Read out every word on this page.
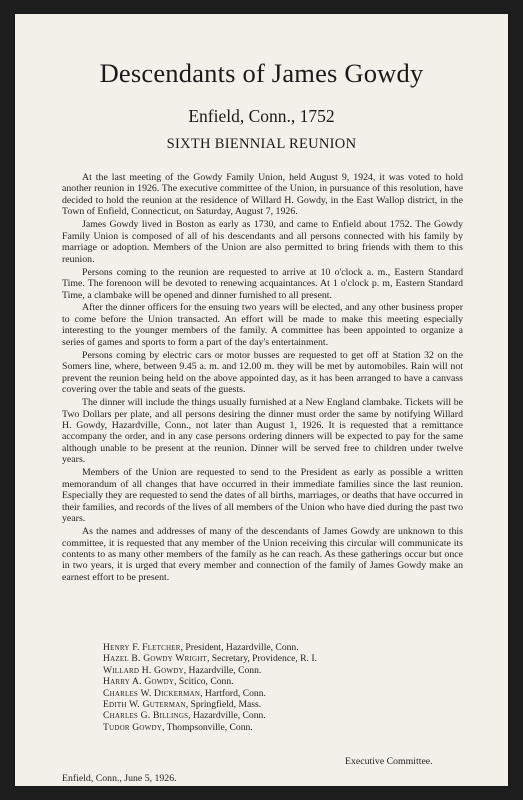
Descendants of James Gowdy
Enfield, Conn., 1752
SIXTH BIENNIAL REUNION

At the last meeting of the Gowdy Family Union, held August 9, 1924, it was voted to hold another reunion in 1926. The executive committee of the Union, in pursuance of this resolution, have decided to hold the reunion at the residence of Willard H. Gowdy, in the East Wallop district, in the Town of Enfield, Connecticut, on Saturday, August 7, 1926.

James Gowdy lived in Boston as early as 1730, and came to Enfield about 1752. The Gowdy Family Union is composed of all of his descendants and all persons connected with his family by marriage or adoption. Members of the Union are also permitted to bring friends with them to this reunion.

Persons coming to the reunion are requested to arrive at 10 o'clock a. m., Eastern Standard Time. The forenoon will be devoted to renewing acquaintances. At 1 o'clock p. m, Eastern Standard Time, a clambake will be opened and dinner furnished to all present.

After the dinner officers for the ensuing two years will be elected, and any other business proper to come before the Union transacted. An effort will be made to make this meeting especially interesting to the younger members of the family. A committee has been appointed to organize a series of games and sports to form a part of the day's entertainment.

Persons coming by electric cars or motor busses are requested to get off at Station 32 on the Somers line, where, between 9.45 a. m. and 12.00 m. they will be met by automobiles. Rain will not prevent the reunion being held on the above appointed day, as it has been arranged to have a canvass covering over the table and seats of the guests.

The dinner will include the things usually furnished at a New England clambake. Tickets will be Two Dollars per plate, and all persons desiring the dinner must order the same by notifying Willard H. Gowdy, Hazardville, Conn., not later than August 1, 1926. It is requested that a remittance accompany the order, and in any case persons ordering dinners will be expected to pay for the same although unable to be present at the reunion. Dinner will be served free to children under twelve years.

Members of the Union are requested to send to the President as early as possible a written memorandum of all changes that have occurred in their immediate families since the last reunion. Especially they are requested to send the dates of all births, marriages, or deaths that have occurred in their families, and records of the lives of all members of the Union who have died during the past two years.

As the names and addresses of many of the descendants of James Gowdy are unknown to this committee, it is requested that any member of the Union receiving this circular will communicate its contents to as many other members of the family as he can reach. As these gatherings occur but once in two years, it is urged that every member and connection of the family of James Gowdy make an earnest effort to be present.

Henry F. Fletcher, President, Hazardville, Conn.
Hazel B. Gowdy Wright, Secretary, Providence, R. I.
Willard H. Gowdy, Hazardville, Conn.
Harry A. Gowdy, Scitico, Conn.
Charles W. Dickerman, Hartford, Conn.
Edith W. Guterman, Springfield, Mass.
Charles G. Billings, Hazardville, Conn.
Tudor Gowdy, Thompsonville, Conn.
Executive Committee.
Enfield, Conn., June 5, 1926.
